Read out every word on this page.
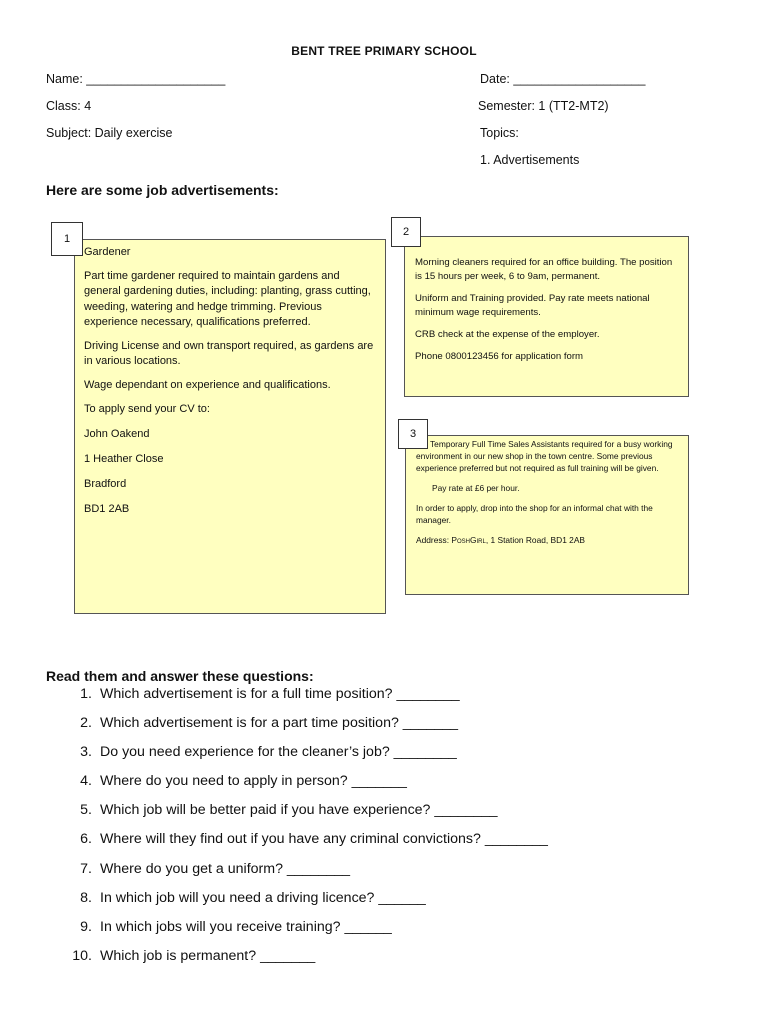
BENT TREE PRIMARY SCHOOL
Name: ____________________	Date: ___________________
Class: 4	Semester: 1 (TT2-MT2)
Subject: Daily exercise	Topics:
1. Advertisements
Here are some job advertisements:

Gardener

Part time gardener required to maintain gardens and general gardening duties, including: planting, grass cutting, weeding, watering and hedge trimming. Previous experience necessary, qualifications preferred.

Driving License and own transport required, as gardens are in various locations.

Wage dependant on experience and qualifications.

To apply send your CV to:

John Oakend

1 Heather Close

Bradford

BD1 2AB

1

Morning cleaners required for an office building. The position is 15 hours per week, 6 to 9am, permanent.

Uniform and Training provided. Pay rate meets national minimum wage requirements.

CRB check at the expense of the employer.

Phone 0800123456 for application form

2

Temporary Full Time Sales Assistants required for a busy working environment in our new shop in the town centre. Some previous experience preferred but not required as full training will be given.

Pay rate at £6 per hour.

In order to apply, drop into the shop for an informal chat with the manager.

Address: PoshGirl, 1 Station Road, BD1 2AB

3
Read them and answer these questions:
1. Which advertisement is for a full time position? ________
2. Which advertisement is for a part time position? _______
3. Do you need experience for the cleaner’s job? ________
4. Where do you need to apply in person? _______
5. Which job will be better paid if you have experience? ________
6. Where will they find out if you have any criminal convictions? ________
7. Where do you get a uniform? ________
8. In which job will you need a driving licence? ______
9. In which jobs will you receive training? ______
10. Which job is permanent? _______
